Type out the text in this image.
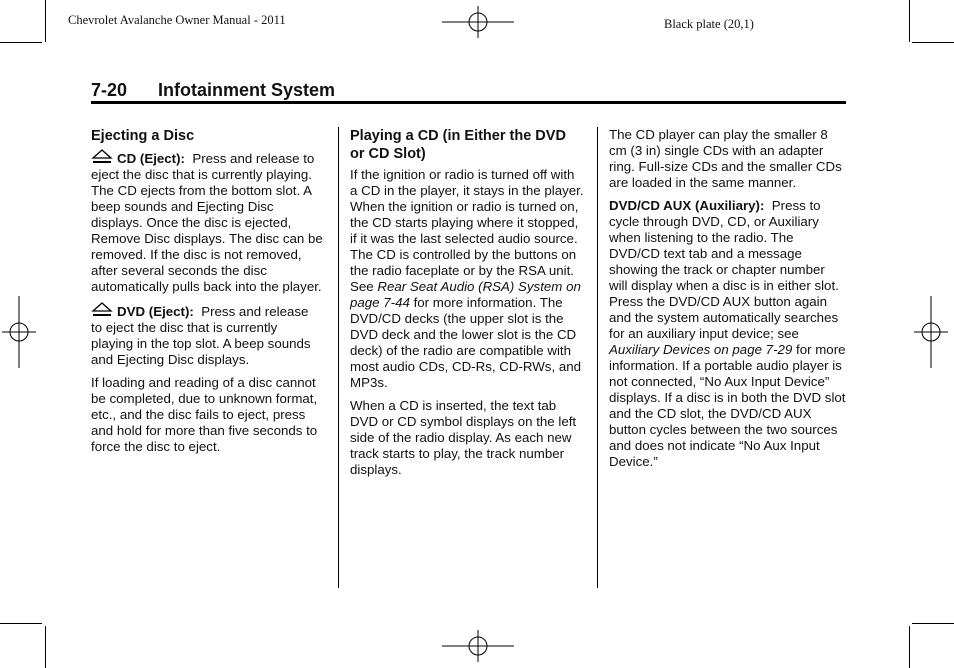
Chevrolet Avalanche Owner Manual - 2011	Black plate (20,1)
7-20 Infotainment System
Ejecting a Disc

CD (Eject): Press and release to eject the disc that is currently playing. The CD ejects from the bottom slot. A beep sounds and Ejecting Disc displays. Once the disc is ejected, Remove Disc displays. The disc can be removed. If the disc is not removed, after several seconds the disc automatically pulls back into the player.

DVD (Eject): Press and release to eject the disc that is currently playing in the top slot. A beep sounds and Ejecting Disc displays.

If loading and reading of a disc cannot be completed, due to unknown format, etc., and the disc fails to eject, press and hold for more than five seconds to force the disc to eject.

Playing a CD (in Either the DVD or CD Slot)

If the ignition or radio is turned off with a CD in the player, it stays in the player. When the ignition or radio is turned on, the CD starts playing where it stopped, if it was the last selected audio source. The CD is controlled by the buttons on the radio faceplate or by the RSA unit. See Rear Seat Audio (RSA) System on page 7-44 for more information. The DVD/CD decks (the upper slot is the DVD deck and the lower slot is the CD deck) of the radio are compatible with most audio CDs, CD-Rs, CD-RWs, and MP3s.

When a CD is inserted, the text tab DVD or CD symbol displays on the left side of the radio display. As each new track starts to play, the track number displays.

The CD player can play the smaller 8 cm (3 in) single CDs with an adapter ring. Full-size CDs and the smaller CDs are loaded in the same manner.

DVD/CD AUX (Auxiliary): Press to cycle through DVD, CD, or Auxiliary when listening to the radio. The DVD/CD text tab and a message showing the track or chapter number will display when a disc is in either slot. Press the DVD/CD AUX button again and the system automatically searches for an auxiliary input device; see Auxiliary Devices on page 7-29 for more information. If a portable audio player is not connected, “No Aux Input Device” displays. If a disc is in both the DVD slot and the CD slot, the DVD/CD AUX button cycles between the two sources and does not indicate “No Aux Input Device.”
